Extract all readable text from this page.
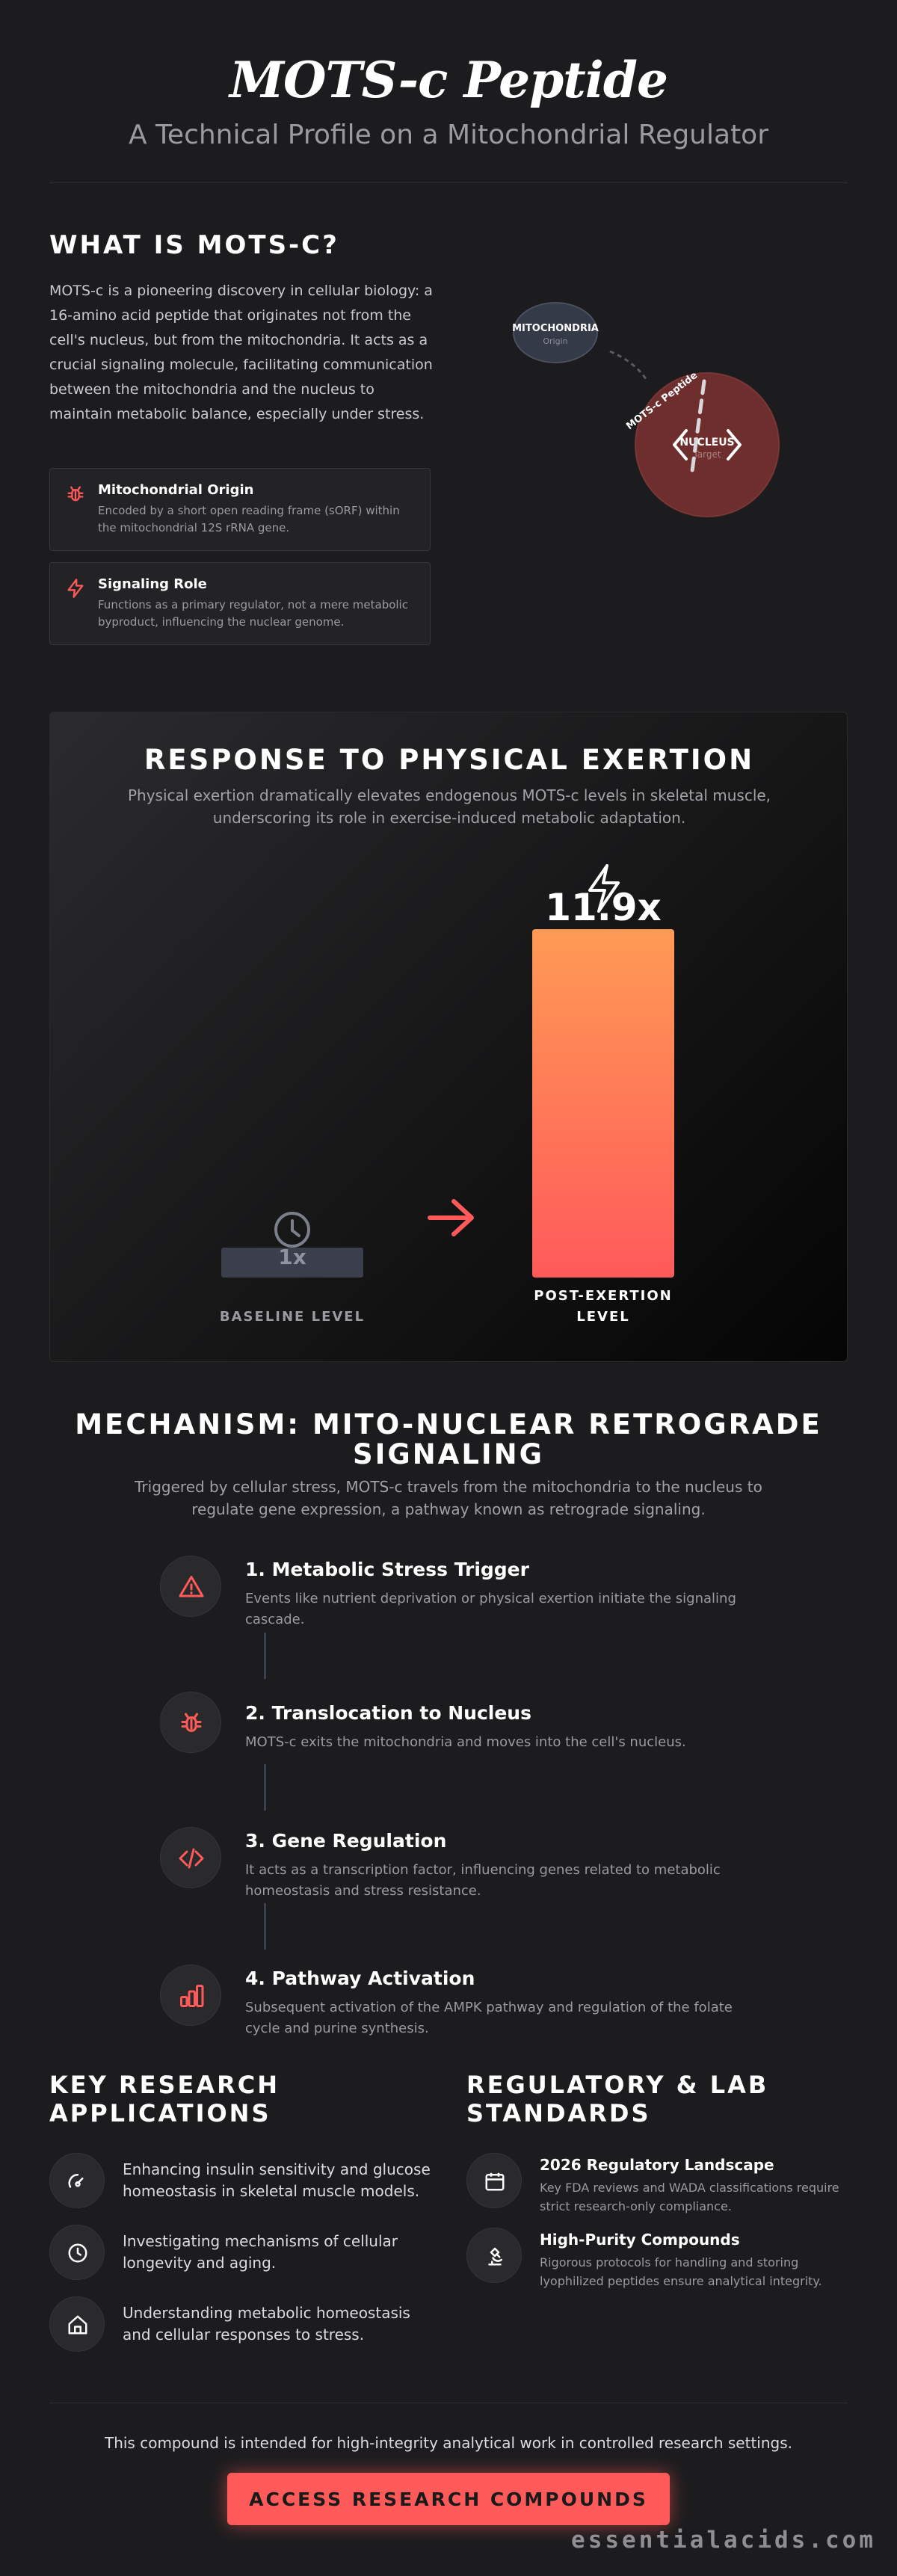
MOTS-c Peptide
A Technical Profile on a Mitochondrial Regulator
WHAT IS MOTS-C?

MOTS-c is a pioneering discovery in cellular biology: a 16-amino acid peptide that originates not from the cell's nucleus, but from the mitochondria. It acts as a crucial signaling molecule, facilitating communication between the mitochondria and the nucleus to maintain metabolic balance, especially under stress.

Mitochondrial Origin
Encoded by a short open reading frame (sORF) within the mitochondrial 12S rRNA gene.
Signaling Role
Functions as a primary regulator, not a mere metabolic byproduct, influencing the nuclear genome.
MITOCHONDRIA
Origin
Target
NUCLEUS
MOTS-c Peptide
RESPONSE TO PHYSICAL EXERTION

Physical exertion dramatically elevates endogenous MOTS-c levels in skeletal muscle, underscoring its role in exercise-induced metabolic adaptation.

1x
11.9x
BASELINE LEVEL
POST-EXERTION
LEVEL
MECHANISM: MITO-NUCLEAR RETROGRADE
SIGNALING

Triggered by cellular stress, MOTS-c travels from the mitochondria to the nucleus to regulate gene expression, a pathway known as retrograde signaling.

1. Metabolic Stress Trigger
Events like nutrient deprivation or physical exertion initiate the signaling cascade.
2. Translocation to Nucleus
MOTS-c exits the mitochondria and moves into the cell's nucleus.
3. Gene Regulation
It acts as a transcription factor, influencing genes related to metabolic homeostasis and stress resistance.
4. Pathway Activation
Subsequent activation of the AMPK pathway and regulation of the folate cycle and purine synthesis.
KEY RESEARCH
APPLICATIONS
Enhancing insulin sensitivity and glucose homeostasis in skeletal muscle models.
Investigating mechanisms of cellular longevity and aging.
Understanding metabolic homeostasis and cellular responses to stress.
REGULATORY & LAB
STANDARDS
2026 Regulatory Landscape
Key FDA reviews and WADA classifications require strict research-only compliance.
High-Purity Compounds
Rigorous protocols for handling and storing lyophilized peptides ensure analytical integrity.

This compound is intended for high-integrity analytical work in controlled research settings.

ACCESS RESEARCH COMPOUNDS
essentialacids.com
